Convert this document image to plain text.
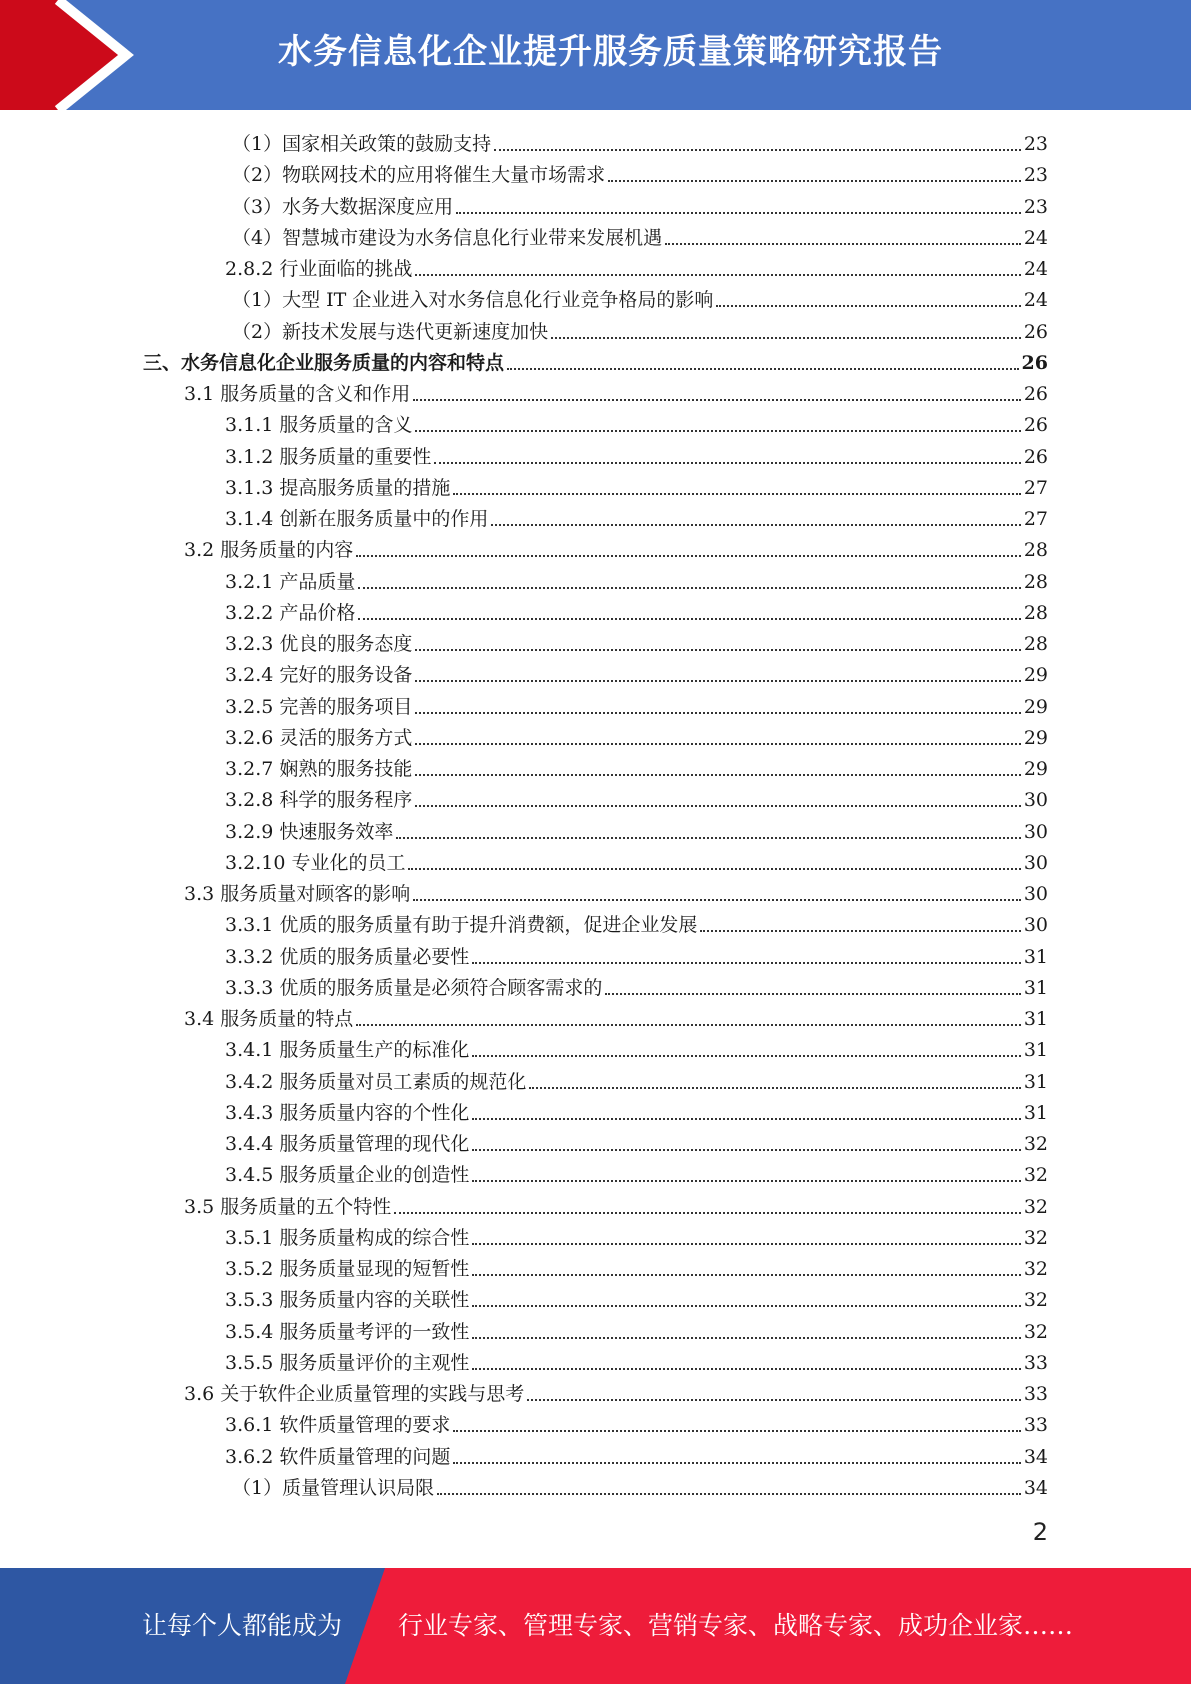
水务信息化企业提升服务质量策略研究报告
（1）国家相关政策的鼓励支持	23
（2）物联网技术的应用将催生大量市场需求	23
（3）水务大数据深度应用	23
（4）智慧城市建设为水务信息化行业带来发展机遇	24
2.8.2 行业面临的挑战	24
（1）大型 IT 企业进入对水务信息化行业竞争格局的影响	24
（2）新技术发展与迭代更新速度加快	26
三、水务信息化企业服务质量的内容和特点	26
3.1 服务质量的含义和作用	26
3.1.1 服务质量的含义	26
3.1.2 服务质量的重要性	26
3.1.3 提高服务质量的措施	27
3.1.4 创新在服务质量中的作用	27
3.2 服务质量的内容	28
3.2.1 产品质量	28
3.2.2 产品价格	28
3.2.3 优良的服务态度	28
3.2.4 完好的服务设备	29
3.2.5 完善的服务项目	29
3.2.6 灵活的服务方式	29
3.2.7 娴熟的服务技能	29
3.2.8 科学的服务程序	30
3.2.9 快速服务效率	30
3.2.10 专业化的员工	30
3.3 服务质量对顾客的影响	30
3.3.1 优质的服务质量有助于提升消费额，促进企业发展	30
3.3.2 优质的服务质量必要性	31
3.3.3 优质的服务质量是必须符合顾客需求的	31
3.4 服务质量的特点	31
3.4.1 服务质量生产的标准化	31
3.4.2 服务质量对员工素质的规范化	31
3.4.3 服务质量内容的个性化	31
3.4.4 服务质量管理的现代化	32
3.4.5 服务质量企业的创造性	32
3.5 服务质量的五个特性	32
3.5.1 服务质量构成的综合性	32
3.5.2 服务质量显现的短暂性	32
3.5.3 服务质量内容的关联性	32
3.5.4 服务质量考评的一致性	32
3.5.5 服务质量评价的主观性	33
3.6 关于软件企业质量管理的实践与思考	33
3.6.1 软件质量管理的要求	33
3.6.2 软件质量管理的问题	34
（1）质量管理认识局限	34
2
让每个人都能成为 行业专家、管理专家、营销专家、战略专家、成功企业家……
